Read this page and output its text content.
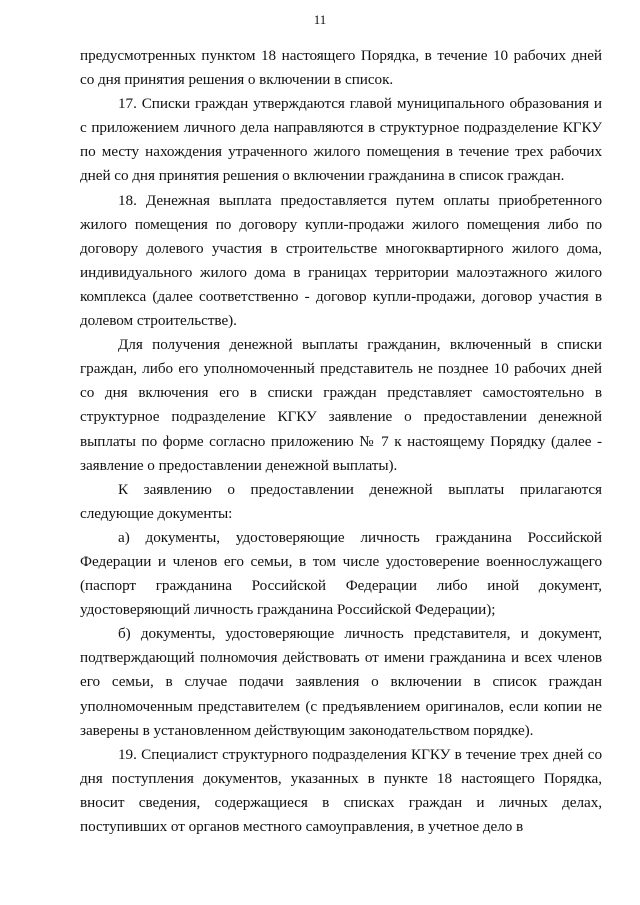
11

предусмотренных пунктом 18 настоящего Порядка, в течение 10 рабочих дней со дня принятия решения о включении в список.

17. Списки граждан утверждаются главой муниципального образования и с приложением личного дела направляются в структурное подразделение КГКУ по месту нахождения утраченного жилого помещения в течение трех рабочих дней со дня принятия решения о включении гражданина в список граждан.

18. Денежная выплата предоставляется путем оплаты приобретенного жилого помещения по договору купли-продажи жилого помещения либо по договору долевого участия в строительстве многоквартирного жилого дома, индивидуального жилого дома в границах территории малоэтажного жилого комплекса (далее соответственно - договор купли-продажи, договор участия в долевом строительстве).

Для получения денежной выплаты гражданин, включенный в списки граждан, либо его уполномоченный представитель не позднее 10 рабочих дней со дня включения его в списки граждан представляет самостоятельно в структурное подразделение КГКУ заявление о предоставлении денежной выплаты по форме согласно приложению № 7 к настоящему Порядку (далее - заявление о предоставлении денежной выплаты).

К заявлению о предоставлении денежной выплаты прилагаются следующие документы:

а) документы, удостоверяющие личность гражданина Российской Федерации и членов его семьи, в том числе удостоверение военнослужащего (паспорт гражданина Российской Федерации либо иной документ, удостоверяющий личность гражданина Российской Федерации);

б) документы, удостоверяющие личность представителя, и документ, подтверждающий полномочия действовать от имени гражданина и всех членов его семьи, в случае подачи заявления о включении в список граждан уполномоченным представителем (с предъявлением оригиналов, если копии не заверены в установленном действующим законодательством порядке).

19. Специалист структурного подразделения КГКУ в течение трех дней со дня поступления документов, указанных в пункте 18 настоящего Порядка, вносит сведения, содержащиеся в списках граждан и личных делах, поступивших от органов местного самоуправления, в учетное дело в
